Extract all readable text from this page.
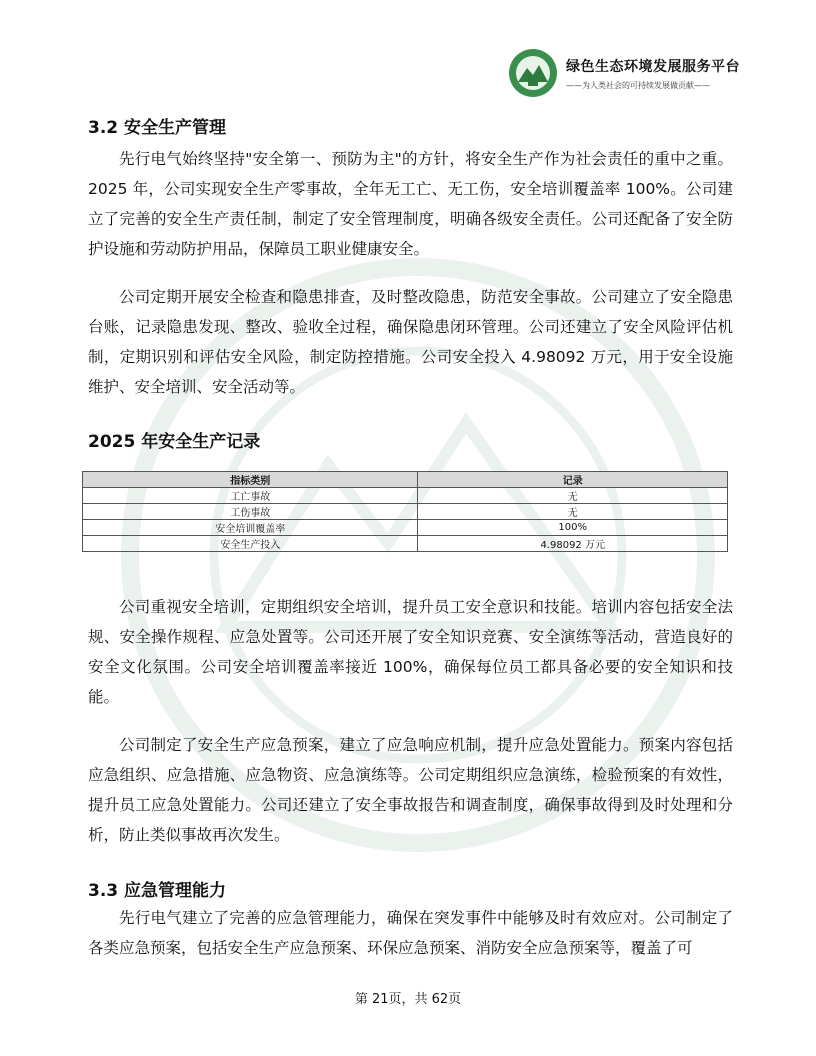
绿色生态环境发展服务平台
——为人类社会的可持续发展做贡献——
3.2 安全生产管理
先行电气始终坚持"安全第一、预防为主"的方针，将安全生产作为社会责任的重中之重。2025 年，公司实现安全生产零事故，全年无工亡、无工伤，安全培训覆盖率 100%。公司建立了完善的安全生产责任制，制定了安全管理制度，明确各级安全责任。公司还配备了安全防护设施和劳动防护用品，保障员工职业健康安全。
公司定期开展安全检查和隐患排查，及时整改隐患，防范安全事故。公司建立了安全隐患台账，记录隐患发现、整改、验收全过程，确保隐患闭环管理。公司还建立了安全风险评估机制，定期识别和评估安全风险，制定防控措施。公司安全投入 4.98092 万元，用于安全设施维护、安全培训、安全活动等。
2025 年安全生产记录
指标类别	记录
工亡事故	无
工伤事故	无
安全培训覆盖率	100%
安全生产投入	4.98092 万元
公司重视安全培训，定期组织安全培训，提升员工安全意识和技能。培训内容包括安全法规、安全操作规程、应急处置等。公司还开展了安全知识竞赛、安全演练等活动，营造良好的安全文化氛围。公司安全培训覆盖率接近 100%，确保每位员工都具备必要的安全知识和技能。
公司制定了安全生产应急预案，建立了应急响应机制，提升应急处置能力。预案内容包括应急组织、应急措施、应急物资、应急演练等。公司定期组织应急演练，检验预案的有效性，提升员工应急处置能力。公司还建立了安全事故报告和调查制度，确保事故得到及时处理和分析，防止类似事故再次发生。
3.3 应急管理能力
先行电气建立了完善的应急管理能力，确保在突发事件中能够及时有效应对。公司制定了各类应急预案，包括安全生产应急预案、环保应急预案、消防安全应急预案等，覆盖了可
第 21页，共 62页
